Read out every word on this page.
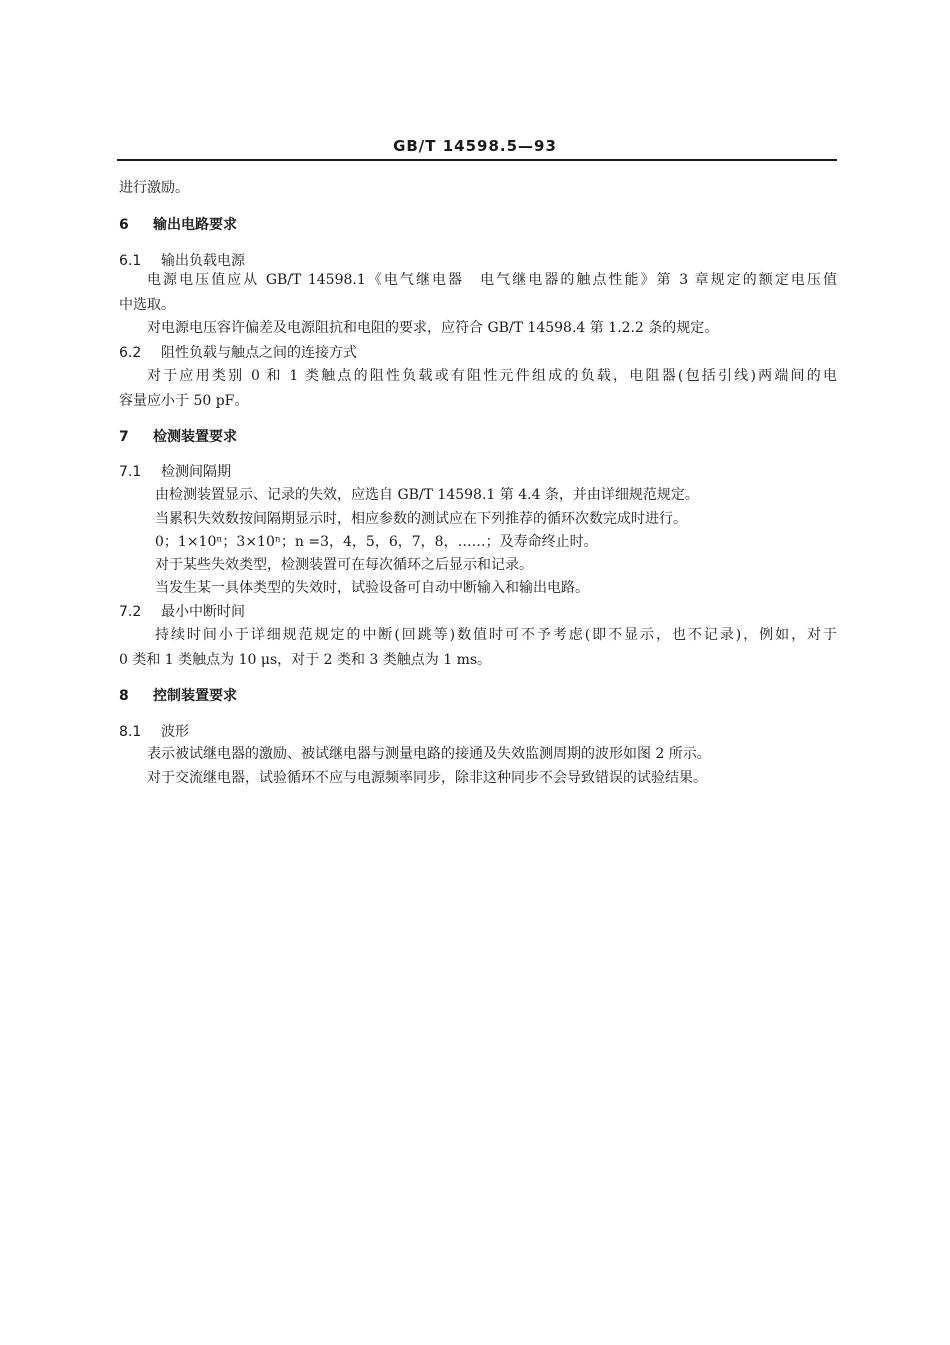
GB/T 14598.5—93
进行激励。
6 输出电路要求
6.1 输出负载电源
电源电压值应从 GB/T 14598.1《电气继电器　电气继电器的触点性能》第 3 章规定的额定电压值
中选取。
对电源电压容许偏差及电源阻抗和电阻的要求，应符合 GB/T 14598.4 第 1.2.2 条的规定。
6.2 阻性负载与触点之间的连接方式
对于应用类别 0 和 1 类触点的阻性负载或有阻性元件组成的负载，电阻器(包括引线)两端间的电
容量应小于 50 pF。
7 检测装置要求
7.1 检测间隔期
由检测装置显示、记录的失效，应选自 GB/T 14598.1 第 4.4 条，并由详细规范规定。
当累积失效数按间隔期显示时，相应参数的测试应在下列推荐的循环次数完成时进行。
0；1×10ⁿ；3×10ⁿ；n =3，4，5，6，7，8，……；及寿命终止时。
对于某些失效类型，检测装置可在每次循环之后显示和记录。
当发生某一具体类型的失效时，试验设备可自动中断输入和输出电路。
7.2 最小中断时间
持续时间小于详细规范规定的中断(回跳等)数值时可不予考虑(即不显示，也不记录)，例如，对于
0 类和 1 类触点为 10 μs，对于 2 类和 3 类触点为 1 ms。
8 控制装置要求
8.1 波形
表示被试继电器的激励、被试继电器与测量电路的接通及失效监测周期的波形如图 2 所示。
对于交流继电器，试验循环不应与电源频率同步，除非这种同步不会导致错误的试验结果。
